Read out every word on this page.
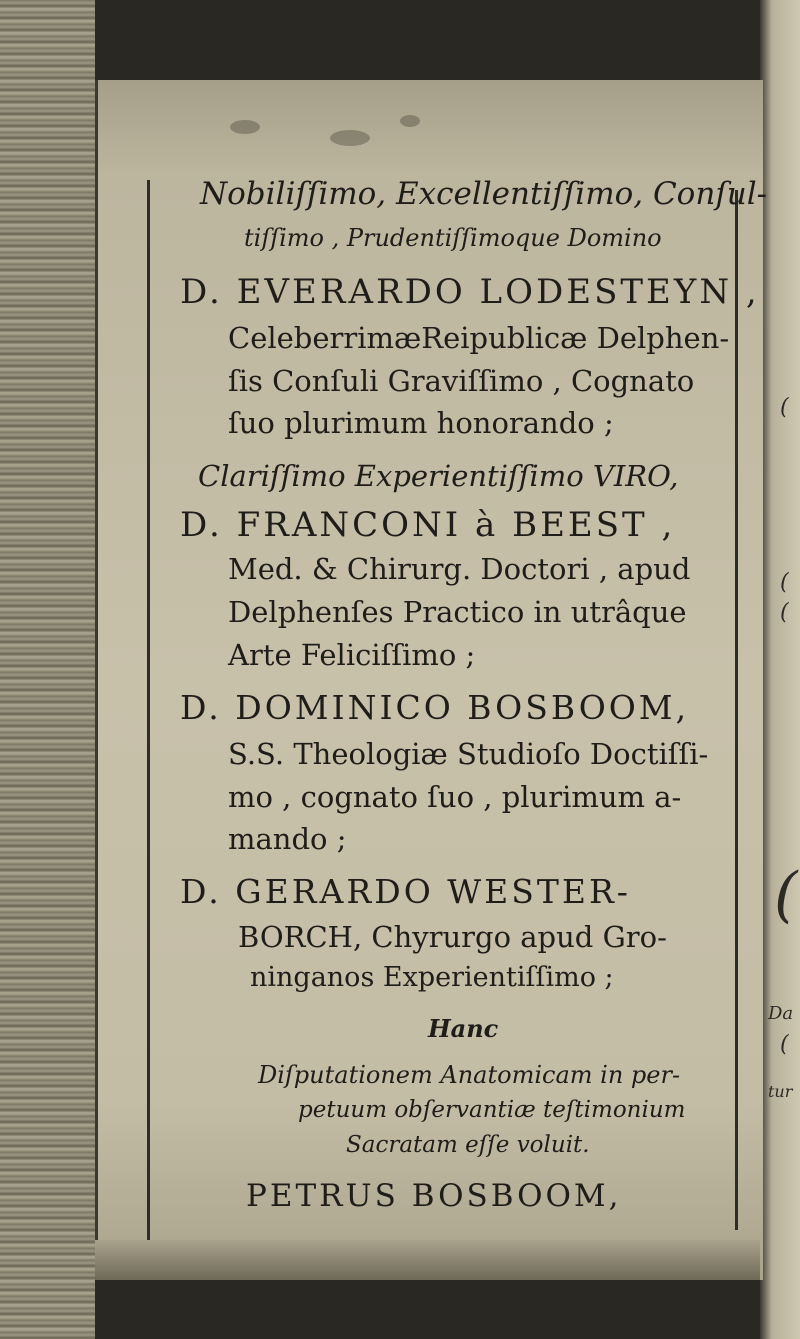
(
(
(
(
Da
(
tur
Nobiliſſimo, Excellentiſſimo, Conſul-
tiſſimo , Prudentiſſimoque Domino
D. EVERARDO LODESTEYN ,
CeleberrimæReipublicæ Delphen-
ſis Conſuli Graviſſimo , Cognato
ſuo plurimum honorando ;
Clariſſimo Experientiſſimo VIRO,
D. FRANCONI à BEEST ,
Med. & Chirurg. Doctori , apud
Delphenſes Practico in utrâque
Arte Feliciſſimo ;
D. DOMINICO BOSBOOM,
S.S. Theologiæ Studioſo Doctiſſi-
mo , cognato ſuo , plurimum a-
mando ;
D. GERARDO WESTER-
BORCH, Chyrurgo apud Gro-
ninganos Experientiſſimo ;
Hanc
Diſputationem Anatomicam in per-
petuum obſervantiæ teſtimonium
Sacratam eſſe voluit.
PETRUS BOSBOOM,
